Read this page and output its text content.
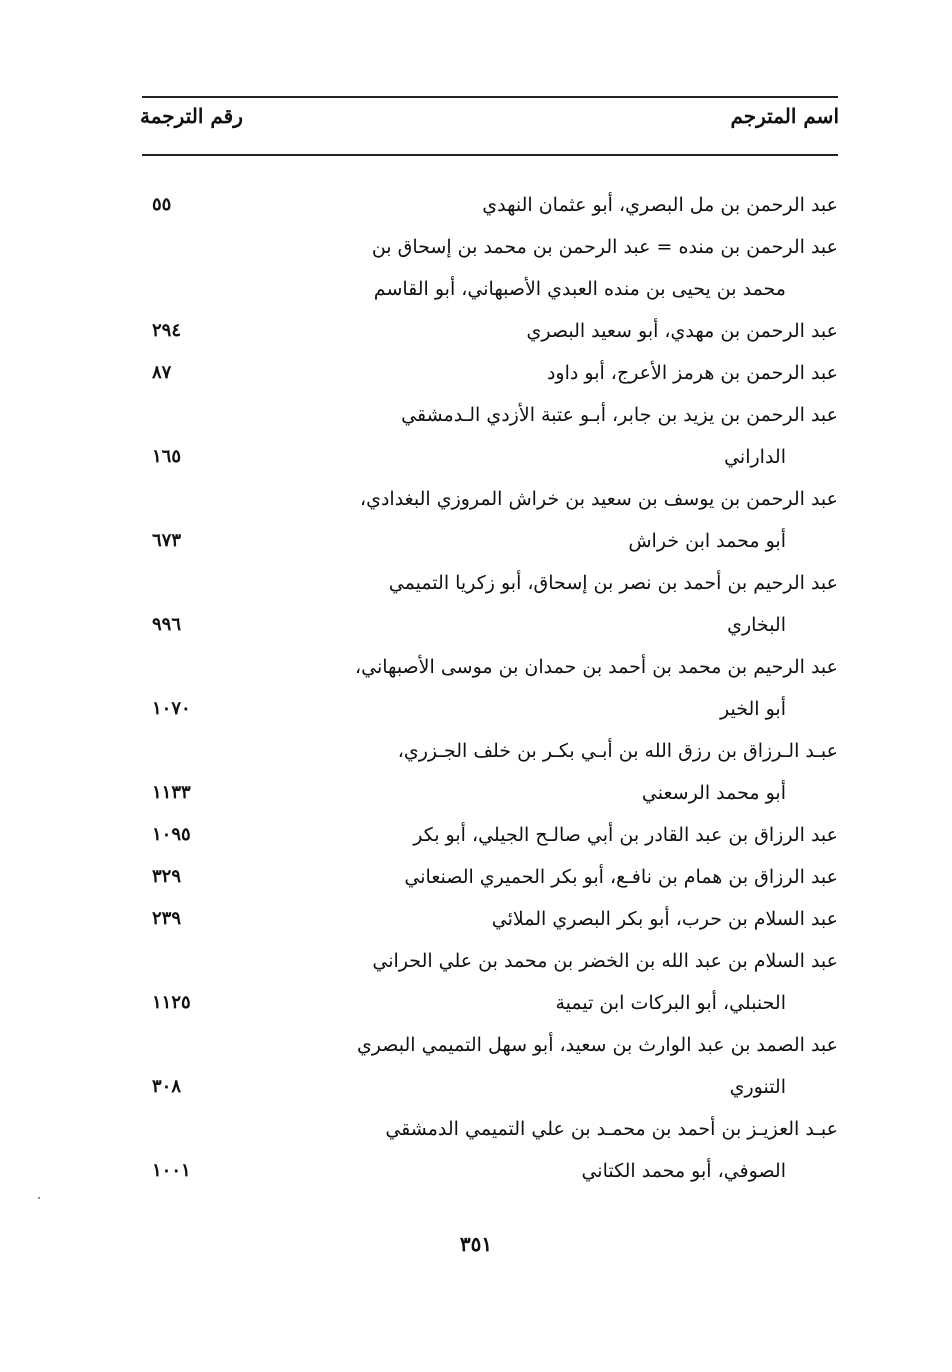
اسم المترجم
رقم الترجمة
عبد الرحمن بن مل البصري، أبو عثمان النهدي
٥٥
عبد الرحمن بن منده = عبد الرحمن بن محمد بن إسحاق بن
محمد بن يحيى بن منده العبدي الأصبهاني، أبو القاسم
عبد الرحمن بن مهدي، أبو سعيد البصري
٢٩٤
عبد الرحمن بن هرمز الأعرج، أبو داود
٨٧
عبد الرحمن بن يزيد بن جابر، أبـو عتبة الأزدي الـدمشقي
الداراني
١٦٥
عبد الرحمن بن يوسف بن سعيد بن خراش المروزي البغدادي،
أبو محمد ابن خراش
٦٧٣
عبد الرحيم بن أحمد بن نصر بن إسحاق، أبو زكريا التميمي
البخاري
٩٩٦
عبد الرحيم بن محمد بن أحمد بن حمدان بن موسى الأصبهاني،
أبو الخير
١٠٧٠
عبـد الـرزاق بن رزق الله بن أبـي بكـر بن خلف الجـزري،
أبو محمد الرسعني
١١٣٣
عبد الرزاق بن عبد القادر بن أبي صالـح الجيلي، أبو بكر
١٠٩٥
عبد الرزاق بن همام بن نافـع، أبو بكر الحميري الصنعاني
٣٢٩
عبد السلام بن حرب، أبو بكر البصري الملائي
٢٣٩
عبد السلام بن عبد الله بن الخضر بن محمد بن علي الحراني
الحنبلي، أبو البركات ابن تيمية
١١٢٥
عبد الصمد بن عبد الوارث بن سعيد، أبو سهل التميمي البصري
التنوري
٣٠٨
عبـد العزيـز بن أحمد بن محمـد بن علي التميمي الدمشقي
الصوفي، أبو محمد الكتاني
١٠٠١
٣٥١
